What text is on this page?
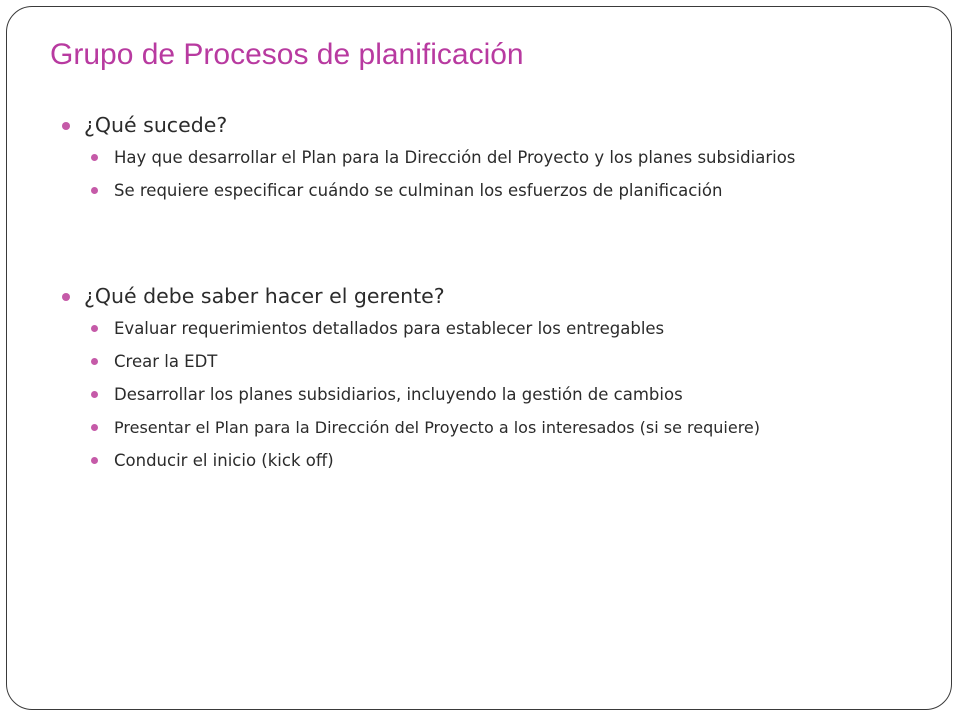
Grupo de Procesos de planificación
¿Qué sucede?
Hay que desarrollar el Plan para la Dirección del Proyecto y los planes subsidiarios
Se requiere especificar cuándo se culminan los esfuerzos de planificación
¿Qué debe saber hacer el gerente?
Evaluar requerimientos detallados para establecer los entregables
Crear la EDT
Desarrollar los planes subsidiarios, incluyendo la gestión de cambios
Presentar el Plan para la Dirección del Proyecto a los interesados (si se requiere)
Conducir el inicio (kick off)
